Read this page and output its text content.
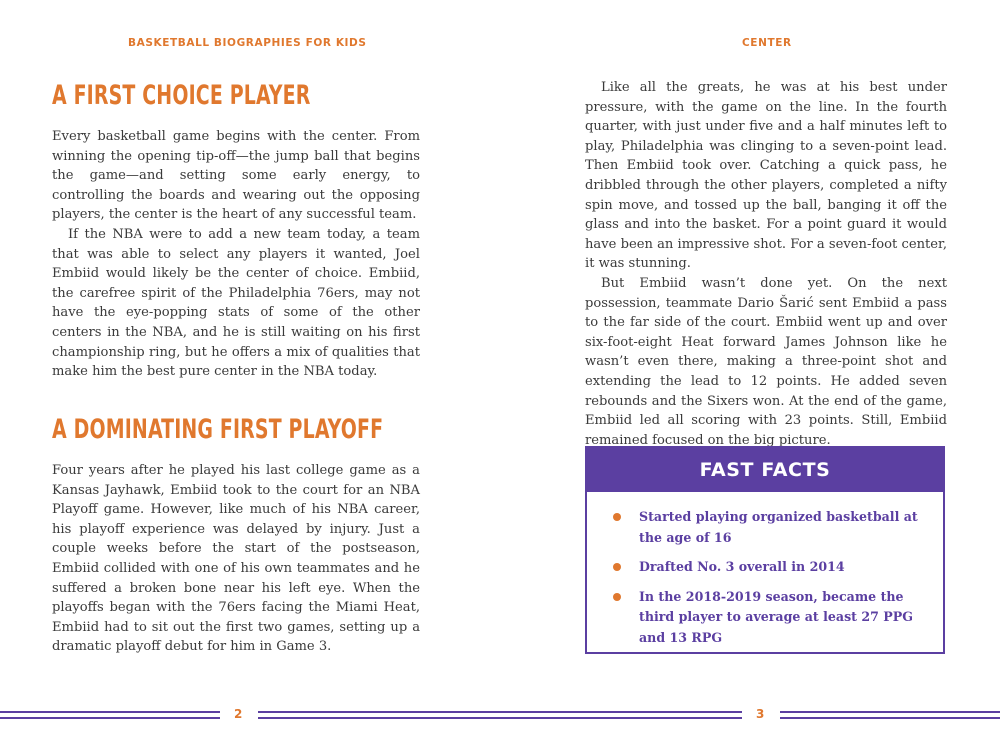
BASKETBALL BIOGRAPHIES FOR KIDS
A FIRST CHOICE PLAYER

Every basketball game begins with the center. From winning the opening tip-off—the jump ball that begins the game—and setting some early energy, to controlling the boards and wearing out the opposing players, the center is the heart of any successful team.

If the NBA were to add a new team today, a team that was able to select any players it wanted, Joel Embiid would likely be the center of choice. Embiid, the carefree spirit of the Philadelphia 76ers, may not have the eye-popping stats of some of the other centers in the NBA, and he is still waiting on his first championship ring, but he offers a mix of qualities that make him the best pure center in the NBA today.

A DOMINATING FIRST PLAYOFF

Four years after he played his last college game as a Kansas Jayhawk, Embiid took to the court for an NBA Playoff game. However, like much of his NBA career, his playoff experience was delayed by injury. Just a couple weeks before the start of the postseason, Embiid collided with one of his own teammates and he suffered a broken bone near his left eye. When the playoffs began with the 76ers facing the Miami Heat, Embiid had to sit out the first two games, setting up a dramatic playoff debut for him in Game 3.

2
CENTER

Like all the greats, he was at his best under pressure, with the game on the line. In the fourth quarter, with just under five and a half minutes left to play, Philadelphia was clinging to a seven-point lead. Then Embiid took over. Catching a quick pass, he dribbled through the other players, completed a nifty spin move, and tossed up the ball, banging it off the glass and into the basket. For a point guard it would have been an impressive shot. For a seven-foot center, it was stunning.

But Embiid wasn’t done yet. On the next possession, teammate Dario Šarić sent Embiid a pass to the far side of the court. Embiid went up and over six-foot-eight Heat forward James Johnson like he wasn’t even there, making a three-point shot and extending the lead to 12 points. He added seven rebounds and the Sixers won. At the end of the game, Embiid led all scoring with 23 points. Still, Embiid remained focused on the big picture.

FAST FACTS
Started playing organized basketball at the age of 16
Drafted No. 3 overall in 2014
In the 2018-2019 season, became the third player to average at least 27 PPG and 13 RPG
3
